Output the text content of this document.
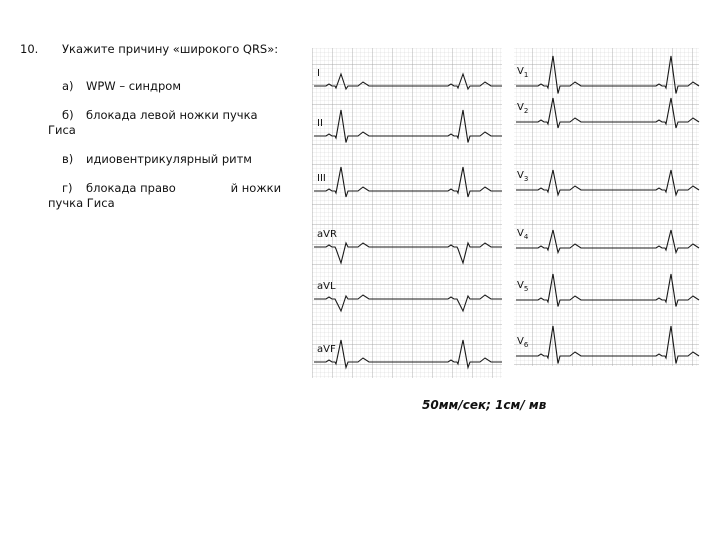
10.	Укажите причину «широкого QRS»:
а)	WPW – синдром
б)	блокада левой ножки пучка
Гиса
в)	идиовентрикулярный ритм
г)	блокада право               й ножки
пучка Гиса
I
II
III
aVR
aVL
aVF
$V_1$
$V_2$
$V_3$
$V_4$
$V_5$
$V_6$
50мм/сек; 1см/ мв
